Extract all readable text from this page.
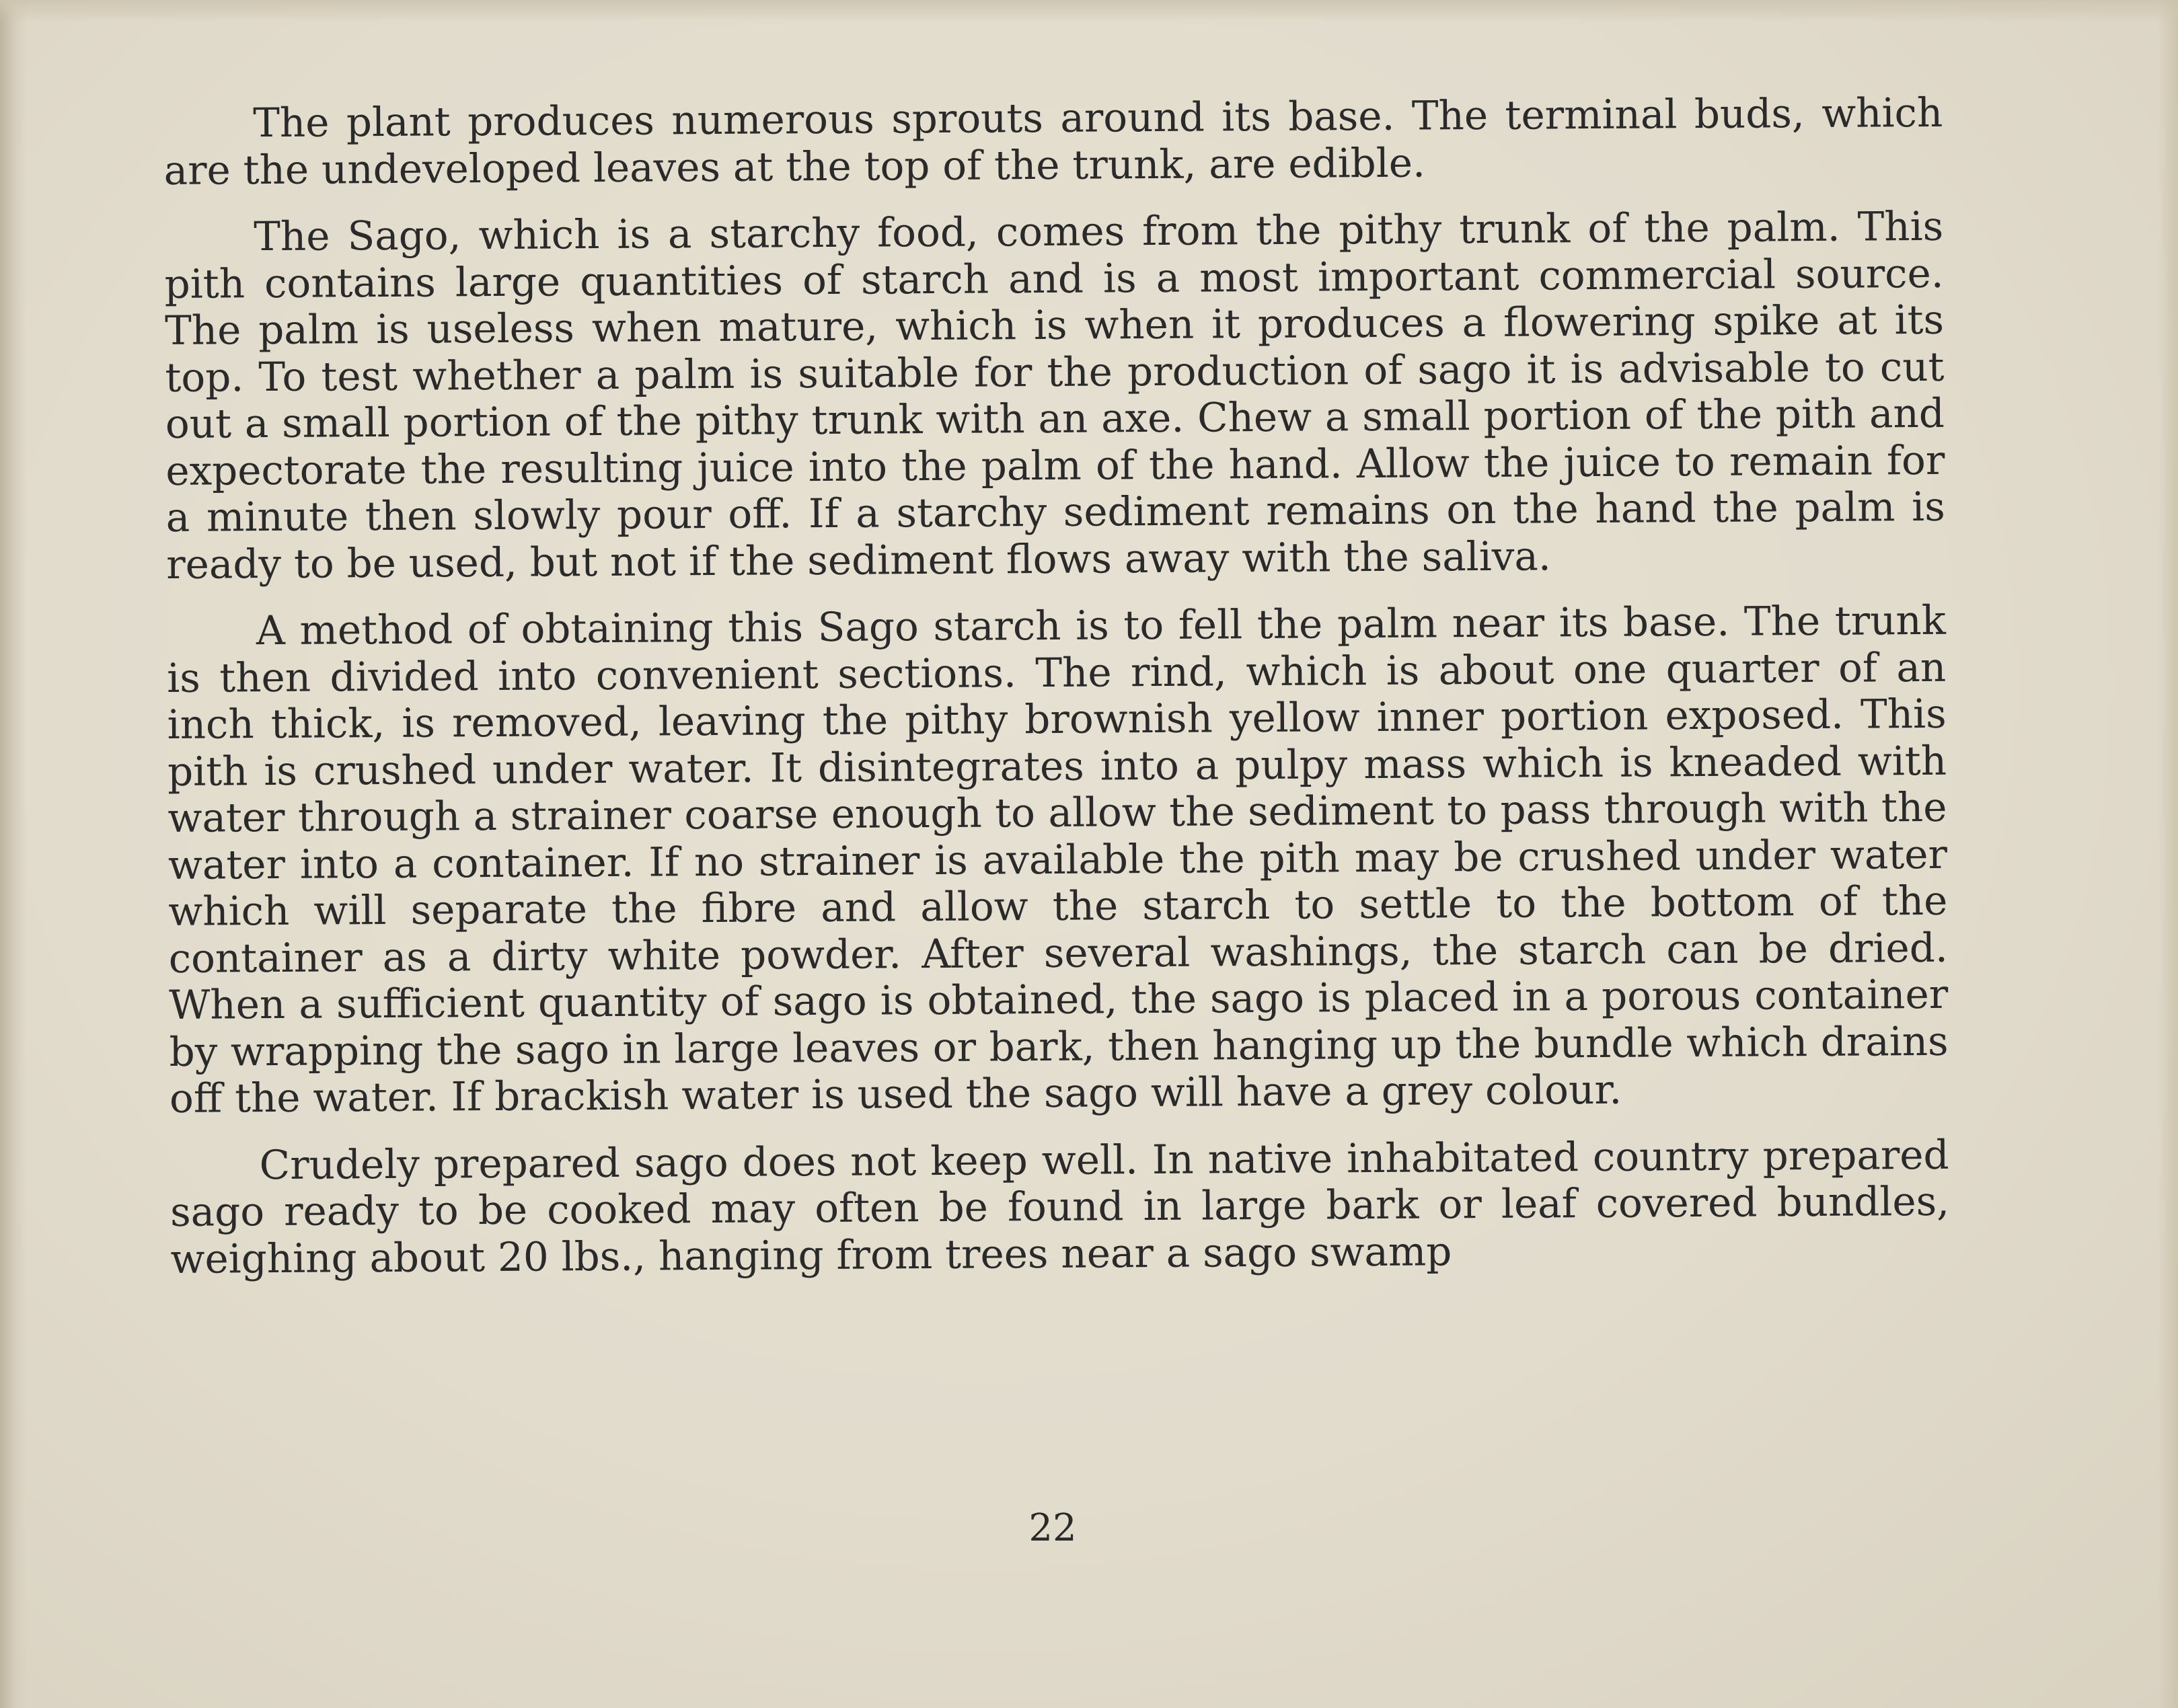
The plant produces numerous sprouts around its base. The terminal buds, which are the undeveloped leaves at the top of the trunk, are edible.

The Sago, which is a starchy food, comes from the pithy trunk of the palm. This pith contains large quantities of starch and is a most important commercial source. The palm is useless when mature, which is when it produces a flowering spike at its top. To test whether a palm is suitable for the production of sago it is advisable to cut out a small portion of the pithy trunk with an axe. Chew a small portion of the pith and expectorate the resulting juice into the palm of the hand. Allow the juice to remain for a minute then slowly pour off. If a starchy sediment remains on the hand the palm is ready to be used, but not if the sediment flows away with the saliva.

A method of obtaining this Sago starch is to fell the palm near its base. The trunk is then divided into convenient sections. The rind, which is about one quarter of an inch thick, is removed, leaving the pithy brownish yellow inner portion exposed. This pith is crushed under water. It disintegrates into a pulpy mass which is kneaded with water through a strainer coarse enough to allow the sediment to pass through with the water into a container. If no strainer is available the pith may be crushed under water which will separate the fibre and allow the starch to settle to the bottom of the container as a dirty white powder. After several washings, the starch can be dried. When a sufficient quantity of sago is obtained, the sago is placed in a porous container by wrapping the sago in large leaves or bark, then hanging up the bundle which drains off the water. If brackish water is used the sago will have a grey colour.

Crudely prepared sago does not keep well. In native inhabitated country prepared sago ready to be cooked may often be found in large bark or leaf covered bundles, weighing about 20 lbs., hanging from trees near a sago swamp

22
